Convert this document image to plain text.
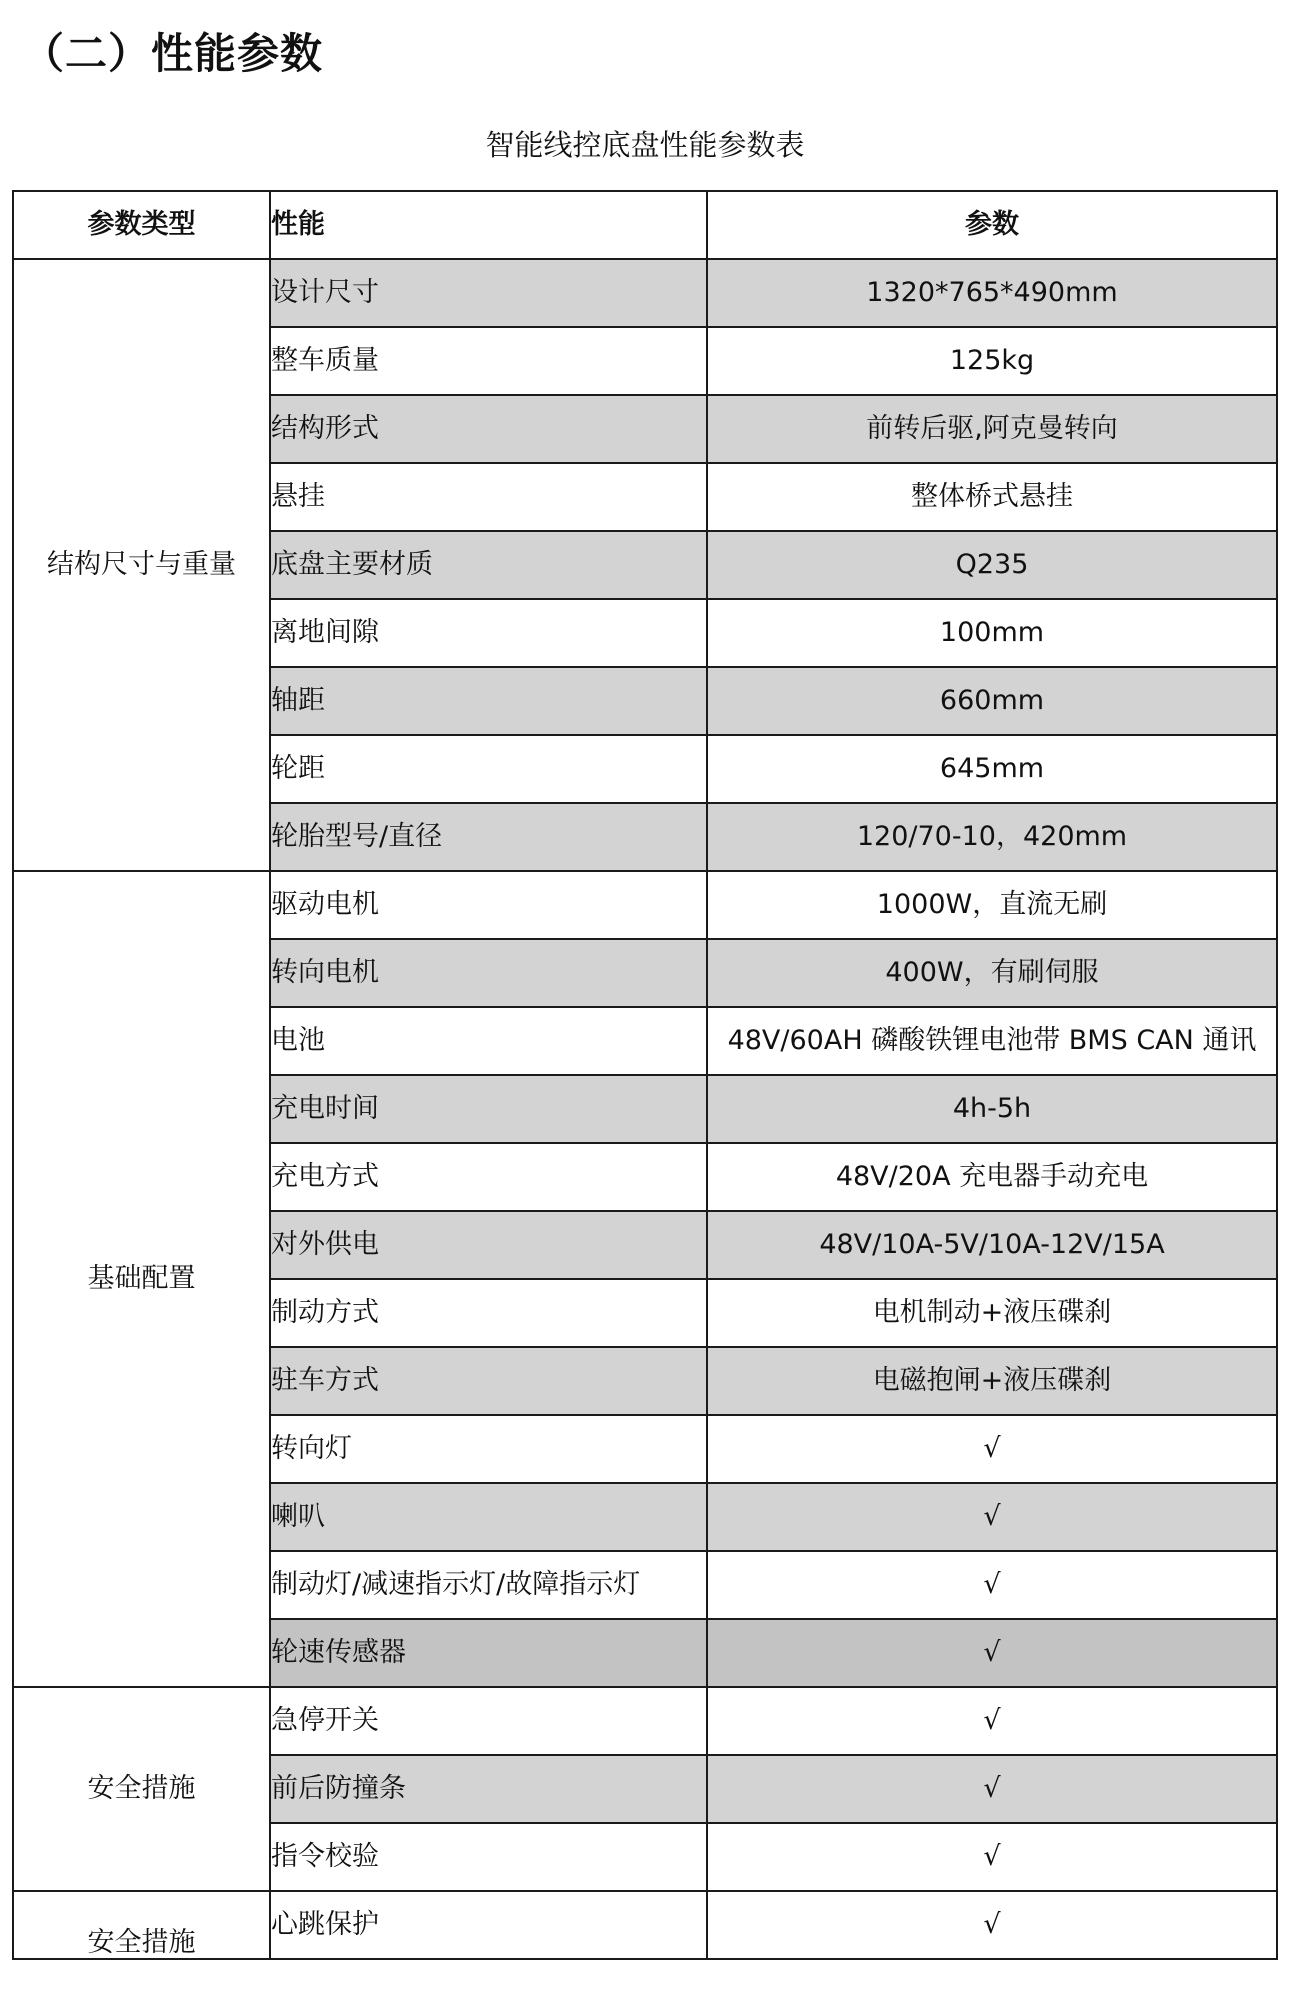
（二）性能参数
智能线控底盘性能参数表
参数类型	性能	参数
结构尺寸与重量	设计尺寸	1320*765*490mm
	整车质量	125kg
	结构形式	前转后驱,阿克曼转向
	悬挂	整体桥式悬挂
	底盘主要材质	Q235
	离地间隙	100mm
	轴距	660mm
	轮距	645mm
	轮胎型号/直径	120/70-10，420mm
基础配置	驱动电机	1000W，直流无刷
	转向电机	400W，有刷伺服
	电池	48V/60AH 磷酸铁锂电池带 BMS CAN 通讯
	充电时间	4h-5h
	充电方式	48V/20A 充电器手动充电
	对外供电	48V/10A-5V/10A-12V/15A
	制动方式	电机制动+液压碟刹
	驻车方式	电磁抱闸+液压碟刹
	转向灯	√
	喇叭	√
	制动灯/减速指示灯/故障指示灯	√
	轮速传感器	√
安全措施	急停开关	√
	前后防撞条	√
	指令校验	√
安全措施	心跳保护	√
